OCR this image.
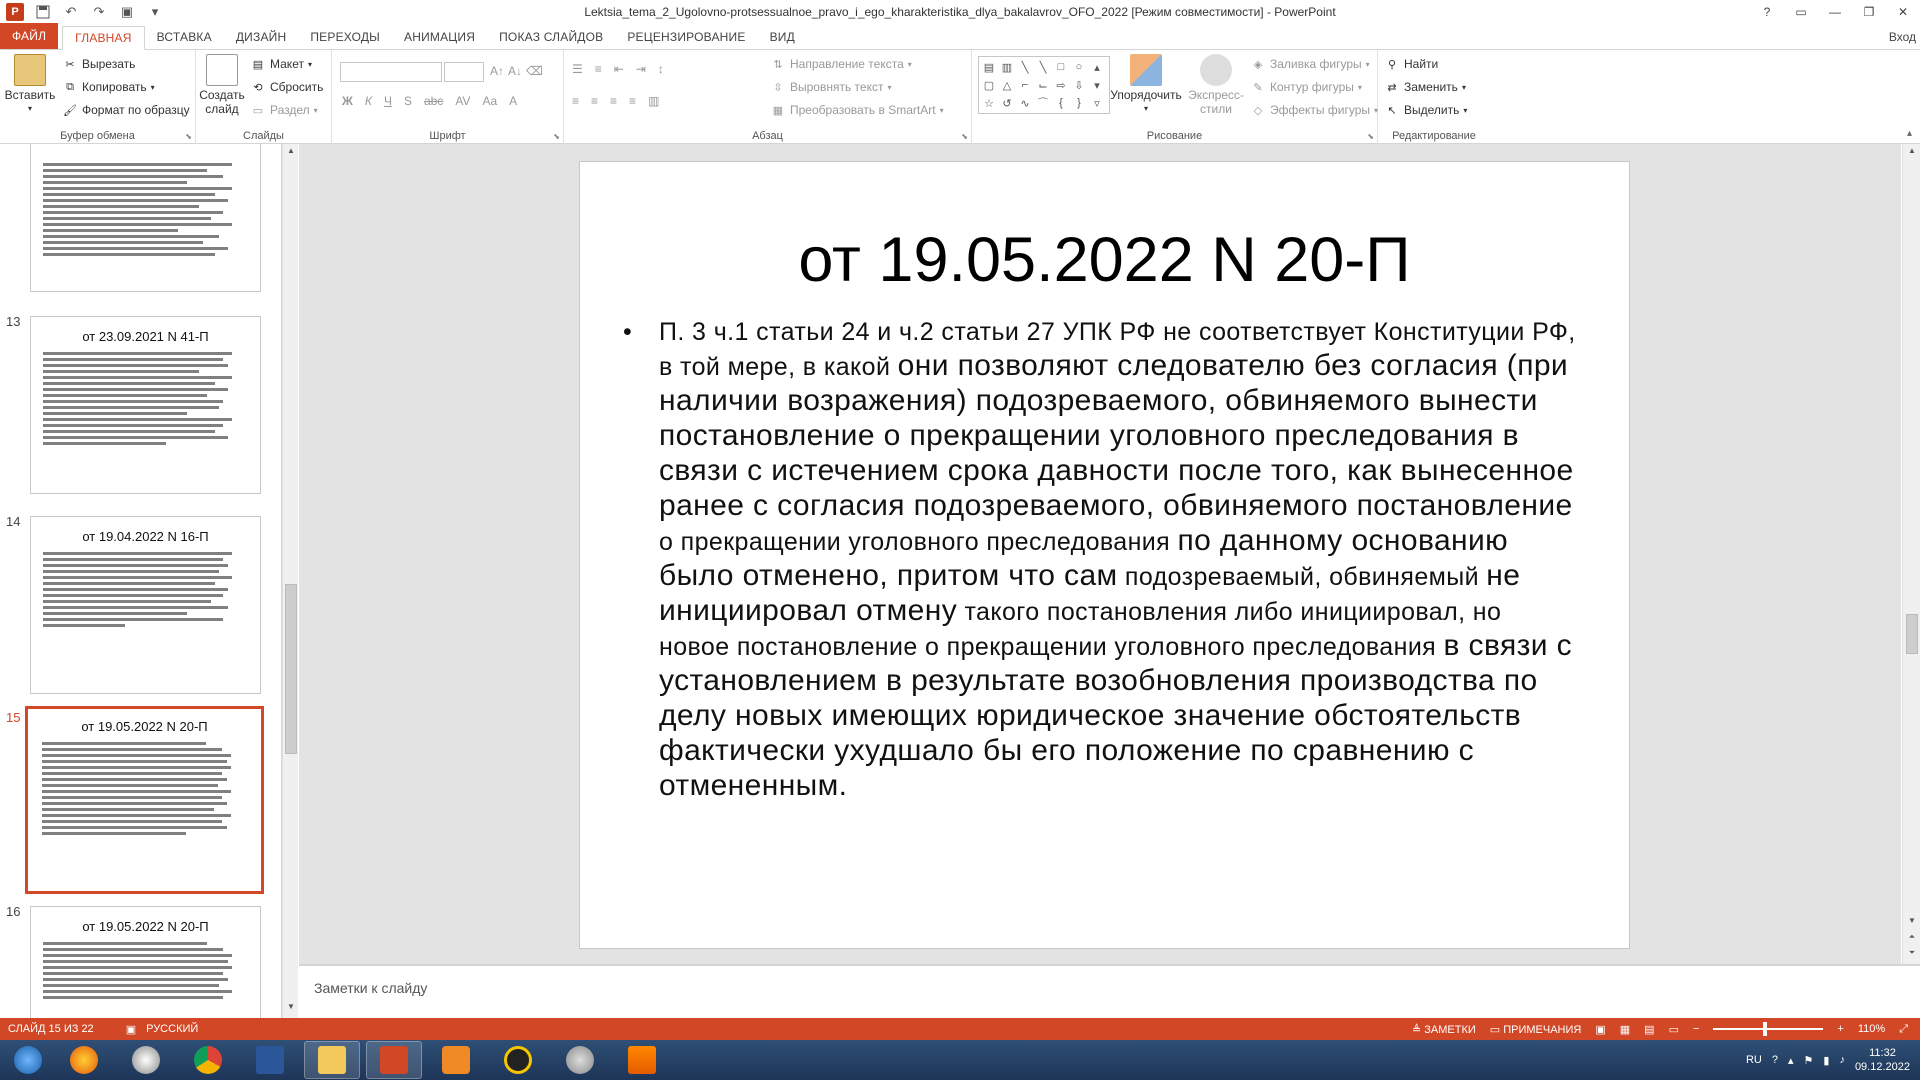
P	↶ ↷ ▣	▾	Lektsia_tema_2_Ugolovno-protsessualnoe_pravo_i_ego_kharakteristika_dlya_bakalavrov_OFO_2022 [Режим совместимости] - PowerPoint	?	▭	—	❐	✕
ФАЙЛ	ГЛАВНАЯ	ВСТАВКА	ДИЗАЙН	ПЕРЕХОДЫ	АНИМАЦИЯ	ПОКАЗ СЛАЙДОВ	РЕЦЕНЗИРОВАНИЕ	ВИД	Вход
Вставить
▾
✂ Вырезать
⧉ Копировать ▾
🖌 Формат по образцу
Буфер обмена	⬊
Создать слайд
▤ Макет ▾
⟲ Сбросить
▭ Раздел ▾
Слайды
A↑ A↓ ⌫
Ж К Ч S abc AV Aa A
Шрифт	⬊
☰ ≡ ⇤ ⇥ ↕
≡ ≡ ≡ ≡ ▥
⇅ Направление текста ▾
⇳ Выровнять текст ▾
▦ Преобразовать в SmartArt ▾
Абзац	⬊
▤ ▥ ╲	╲	□	○	▴
▢ △ ⌐ ⌙ ⇨ ⇩ ▾
☆ ↺ ∿ ⌒ {	}	▿
Упорядочить
▾
Экспресс-стили
◈ Заливка фигуры ▾
✎ Контур фигуры ▾
◇ Эффекты фигуры ▾
Рисование	⬊
⚲ Найти
⇄ Заменить ▾
↖ Выделить ▾
Редактирование	▴
13
от 23.09.2021 N 41-П
14
от 19.04.2022 N 16-П
15
от 19.05.2022 N 20-П
16
от 19.05.2022 N 20-П
▲
▼
от 19.05.2022 N 20-П
• П. 3 ч.1 статьи 24 и ч.2 статьи 27 УПК РФ не соответствует Конституции РФ, в той мере, в какой они позволяют следователю без согласия (при наличии возражения) подозреваемого, обвиняемого вынести постановление о прекращении уголовного преследования в связи с истечением срока давности после того, как вынесенное ранее с согласия подозреваемого, обвиняемого постановление о прекращении уголовного преследования по данному основанию было отменено, притом что сам подозреваемый, обвиняемый не инициировал отмену такого постановления либо инициировал, но новое постановление о прекращении уголовного преследования в связи с установлением в результате возобновления производства по делу новых имеющих юридическое значение обстоятельств фактически ухудшало бы его положение по сравнению с отмененным.
▲
▼
⏶
⏷
Заметки к слайду
СЛАЙД 15 ИЗ 22	▣ РУССКИЙ	≜ ЗАМЕТКИ ▭ ПРИМЕЧАНИЯ ▣ ▦ ▤ ▭ −	+ 110% ⤢
RU ? ▴ ⚑ ▮ ♪
11:32
09.12.2022
